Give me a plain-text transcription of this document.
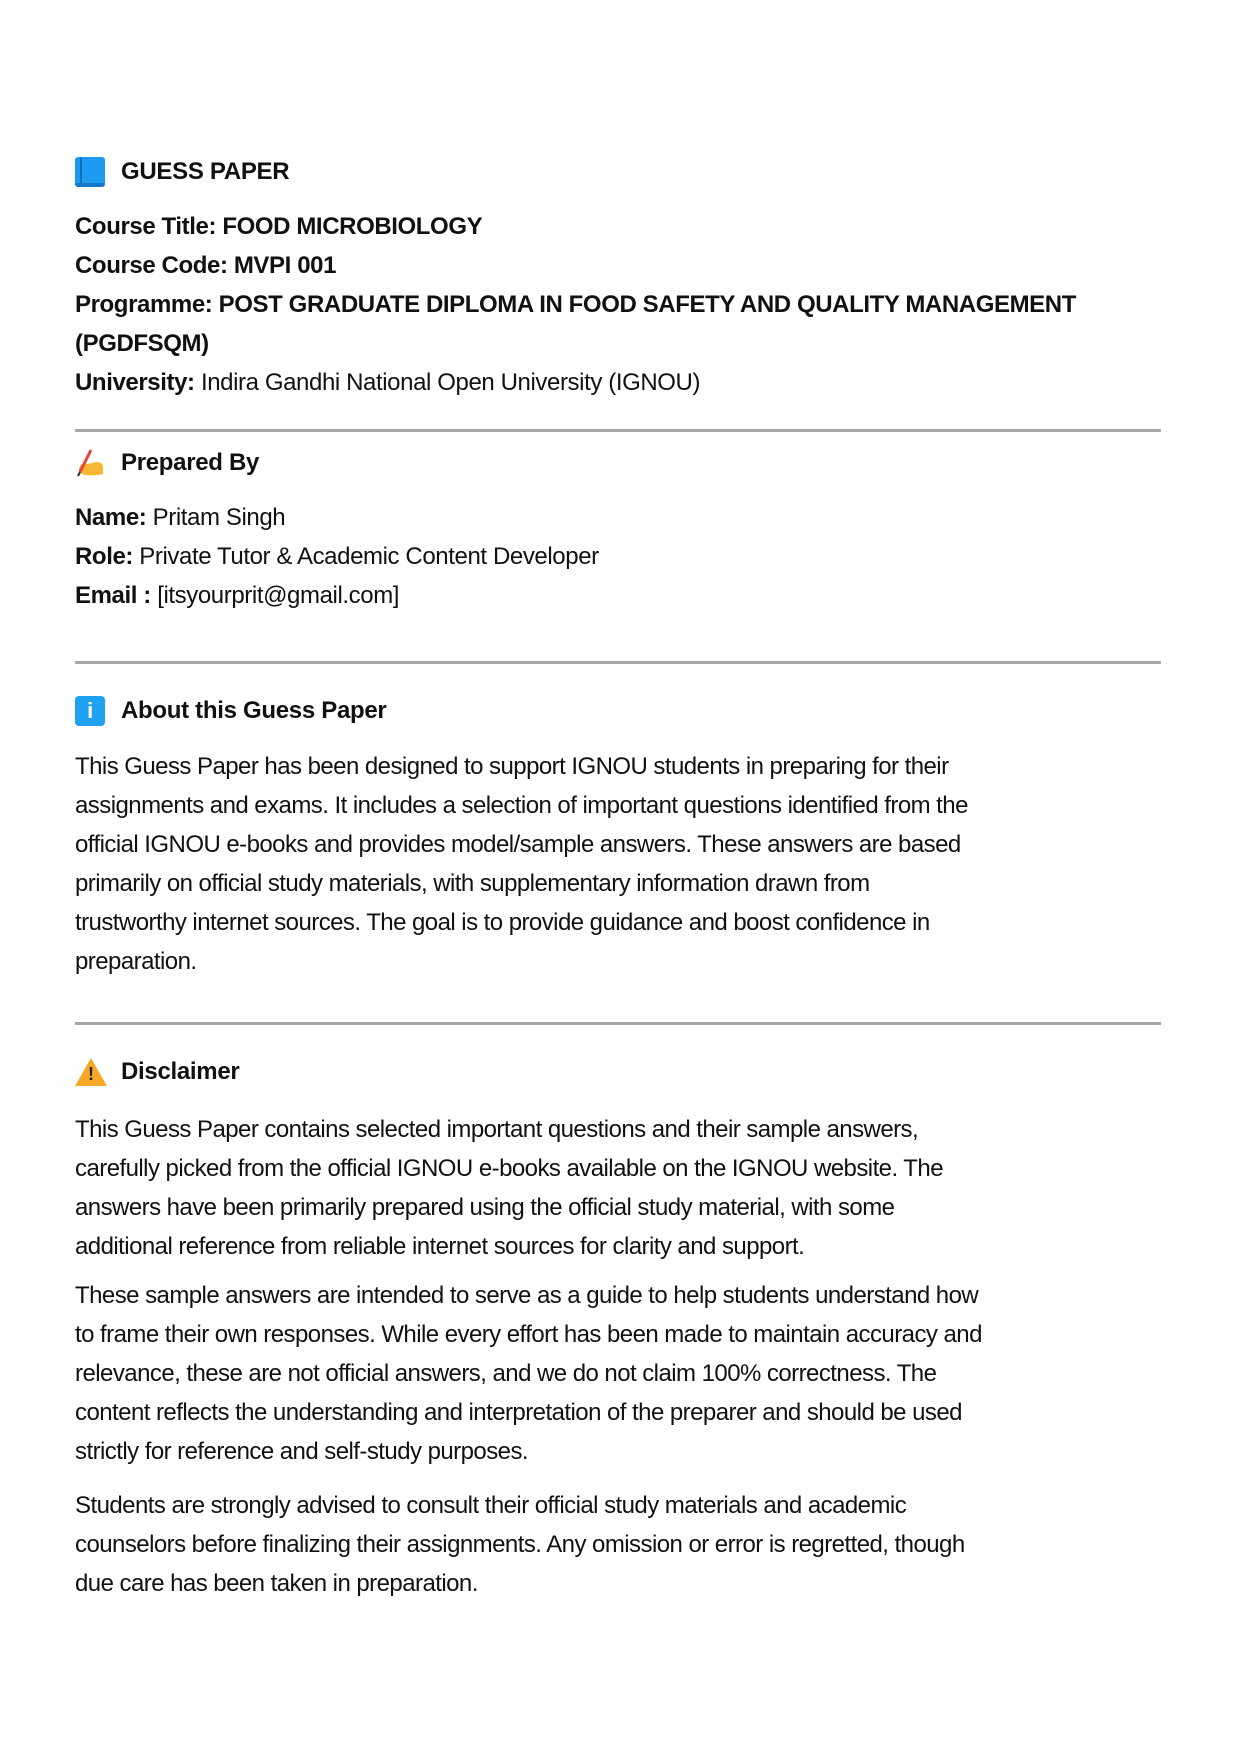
GUESS PAPER
Course Title: FOOD MICROBIOLOGY
Course Code: MVPI 001
Programme: POST GRADUATE DIPLOMA IN FOOD SAFETY AND QUALITY MANAGEMENT
(PGDFSQM)
University: Indira Gandhi National Open University (IGNOU)
Prepared By
Name: Pritam Singh
Role: Private Tutor & Academic Content Developer
Email : [itsyourprit@gmail.com]
i	About this Guess Paper
This Guess Paper has been designed to support IGNOU students in preparing for their
assignments and exams. It includes a selection of important questions identified from the
official IGNOU e-books and provides model/sample answers. These answers are based
primarily on official study materials, with supplementary information drawn from
trustworthy internet sources. The goal is to provide guidance and boost confidence in
preparation.
! Disclaimer
This Guess Paper contains selected important questions and their sample answers,
carefully picked from the official IGNOU e-books available on the IGNOU website. The
answers have been primarily prepared using the official study material, with some
additional reference from reliable internet sources for clarity and support.
These sample answers are intended to serve as a guide to help students understand how
to frame their own responses. While every effort has been made to maintain accuracy and
relevance, these are not official answers, and we do not claim 100% correctness. The
content reflects the understanding and interpretation of the preparer and should be used
strictly for reference and self-study purposes.
Students are strongly advised to consult their official study materials and academic
counselors before finalizing their assignments. Any omission or error is regretted, though
due care has been taken in preparation.
